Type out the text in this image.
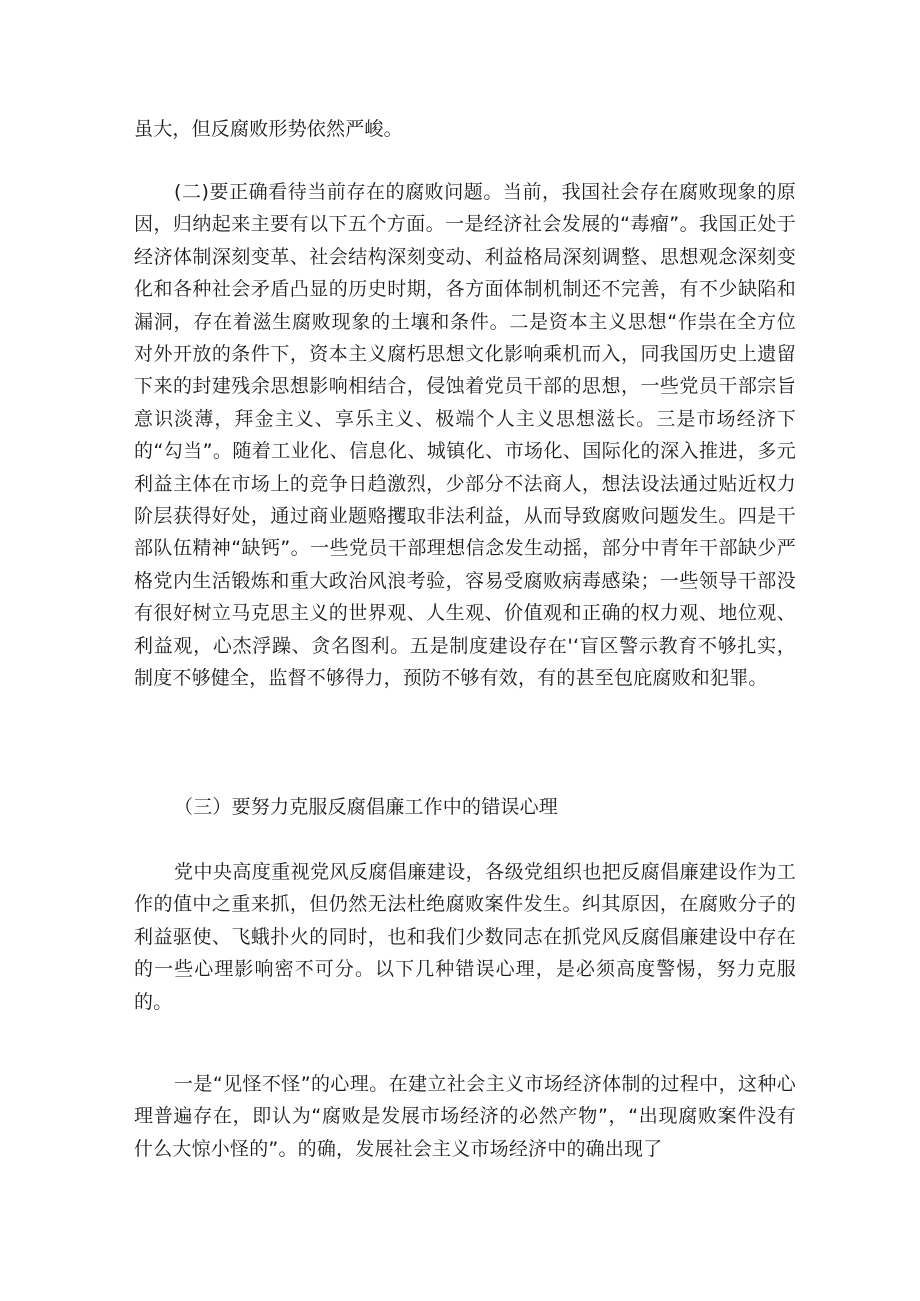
虽大，但反腐败形势依然严峻。

(二)要正确看待当前存在的腐败问题。当前，我国社会存在腐败现象的原因，归纳起来主要有以下五个方面。一是经济社会发展的“毒瘤”。我国正处于经济体制深刻变革、社会结构深刻变动、利益格局深刻调整、思想观念深刻变化和各种社会矛盾凸显的历史时期，各方面体制机制还不完善，有不少缺陷和漏洞，存在着滋生腐败现象的土壤和条件。二是资本主义思想“作祟在全方位对外开放的条件下，资本主义腐朽思想文化影响乘机而入，同我国历史上遗留下来的封建残余思想影响相结合，侵蚀着党员干部的思想，一些党员干部宗旨意识淡薄，拜金主义、享乐主义、极端个人主义思想滋长。三是市场经济下的“勾当”。随着工业化、信息化、城镇化、市场化、国际化的深入推进，多元利益主体在市场上的竞争日趋激烈，少部分不法商人，想法设法通过贴近权力阶层获得好处，通过商业题赂攫取非法利益，从而导致腐败问题发生。四是干部队伍精神“缺钙”。一些党员干部理想信念发生动摇，部分中青年干部缺少严格党内生活锻炼和重大政治风浪考验，容易受腐败病毒感染；一些领导干部没有很好树立马克思主义的世界观、人生观、价值观和正确的权力观、地位观、利益观，心杰浮躁、贪名图利。五是制度建设存在'‘盲区警示教育不够扎实，制度不够健全，监督不够得力，预防不够有效，有的甚至包庇腐败和犯罪。

（三）要努力克服反腐倡廉工作中的错误心理

党中央高度重视党风反腐倡廉建设，各级党组织也把反腐倡廉建设作为工作的值中之重来抓，但仍然无法杜绝腐败案件发生。纠其原因，在腐败分子的利益驱使、飞蛾扑火的同时，也和我们少数同志在抓党风反腐倡廉建设中存在的一些心理影响密不可分。以下几种错误心理，是必须高度警惕，努力克服的。

一是“见怪不怪”的心理。在建立社会主义市场经济体制的过程中，这种心理普遍存在，即认为“腐败是发展市场经济的必然产物”，“出现腐败案件没有什么大惊小怪的”。的确，发展社会主义市场经济中的确出现了
